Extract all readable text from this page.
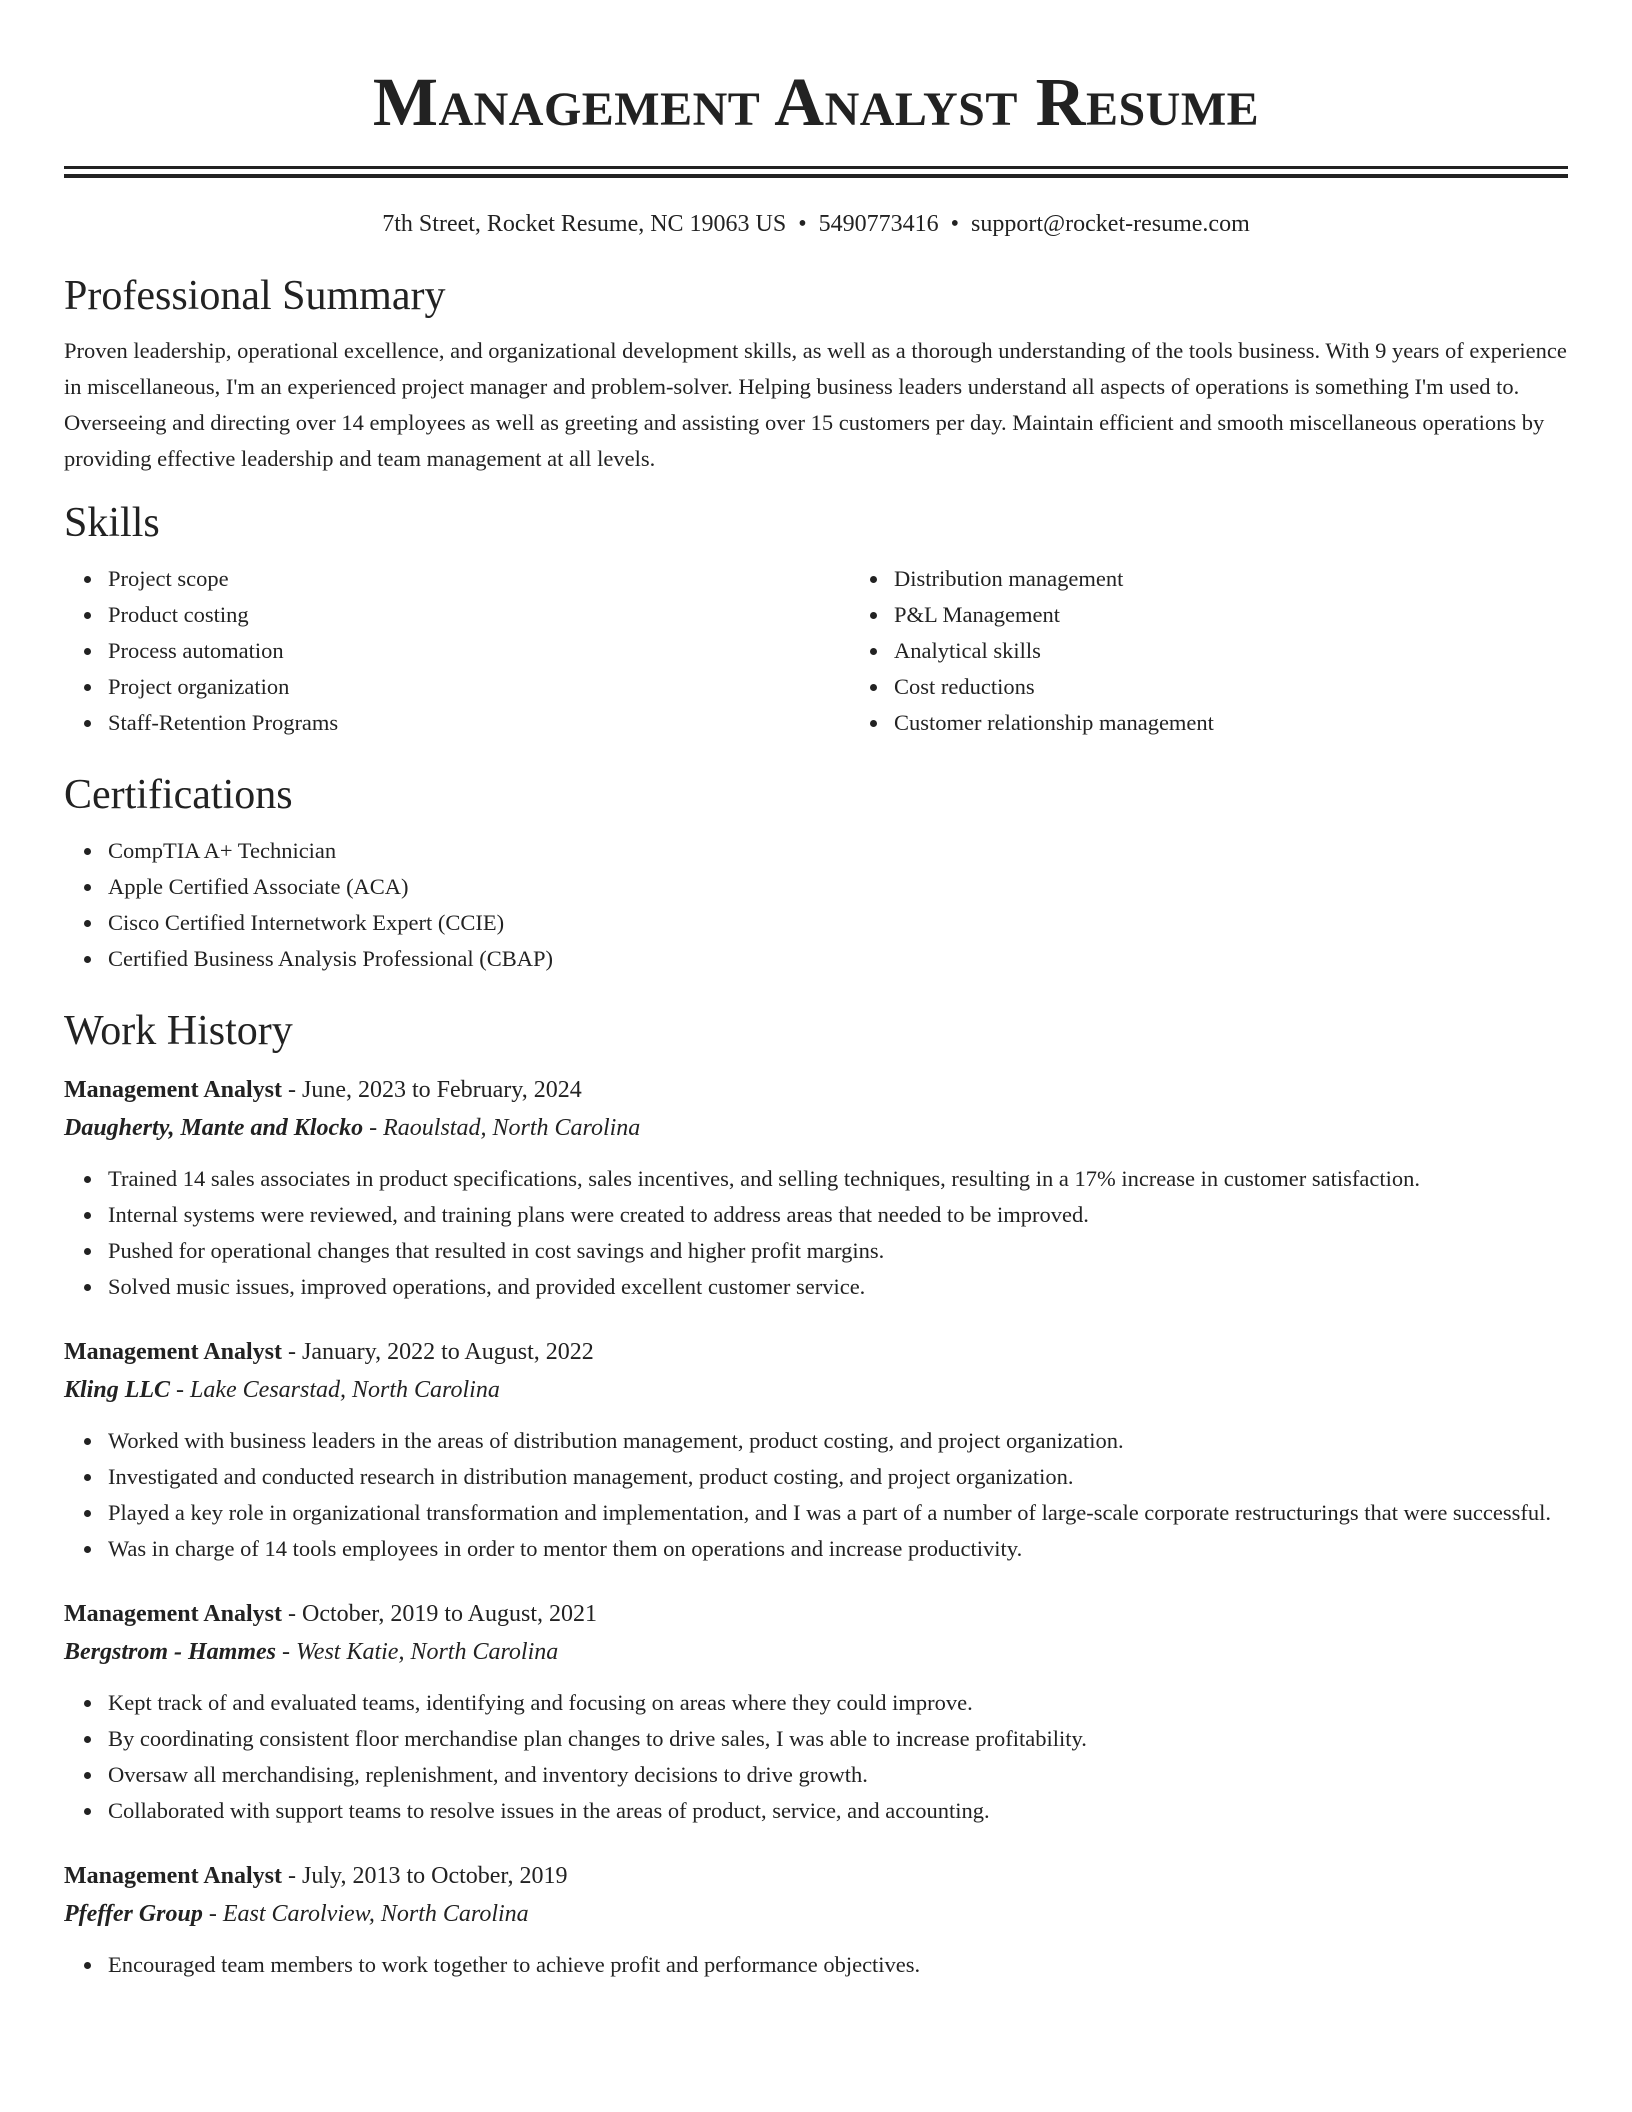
Management Analyst Resume
7th Street, Rocket Resume, NC 19063 US • 5490773416 • support@rocket-resume.com
Professional Summary
Proven leadership, operational excellence, and organizational development skills, as well as a thorough understanding of the tools business. With 9 years of experience in miscellaneous, I'm an experienced project manager and problem-solver. Helping business leaders understand all aspects of operations is something I'm used to. Overseeing and directing over 14 employees as well as greeting and assisting over 15 customers per day. Maintain efficient and smooth miscellaneous operations by providing effective leadership and team management at all levels.
Skills
Project scope
Product costing
Process automation
Project organization
Staff-Retention Programs
Distribution management
P&L Management
Analytical skills
Cost reductions
Customer relationship management
Certifications
CompTIA A+ Technician
Apple Certified Associate (ACA)
Cisco Certified Internetwork Expert (CCIE)
Certified Business Analysis Professional (CBAP)
Work History
Management Analyst - June, 2023 to February, 2024
Daugherty, Mante and Klocko - Raoulstad, North Carolina
Trained 14 sales associates in product specifications, sales incentives, and selling techniques, resulting in a 17% increase in customer satisfaction.
Internal systems were reviewed, and training plans were created to address areas that needed to be improved.
Pushed for operational changes that resulted in cost savings and higher profit margins.
Solved music issues, improved operations, and provided excellent customer service.
Management Analyst - January, 2022 to August, 2022
Kling LLC - Lake Cesarstad, North Carolina
Worked with business leaders in the areas of distribution management, product costing, and project organization.
Investigated and conducted research in distribution management, product costing, and project organization.
Played a key role in organizational transformation and implementation, and I was a part of a number of large-scale corporate restructurings that were successful.
Was in charge of 14 tools employees in order to mentor them on operations and increase productivity.
Management Analyst - October, 2019 to August, 2021
Bergstrom - Hammes - West Katie, North Carolina
Kept track of and evaluated teams, identifying and focusing on areas where they could improve.
By coordinating consistent floor merchandise plan changes to drive sales, I was able to increase profitability.
Oversaw all merchandising, replenishment, and inventory decisions to drive growth.
Collaborated with support teams to resolve issues in the areas of product, service, and accounting.
Management Analyst - July, 2013 to October, 2019
Pfeffer Group - East Carolview, North Carolina
Encouraged team members to work together to achieve profit and performance objectives.
